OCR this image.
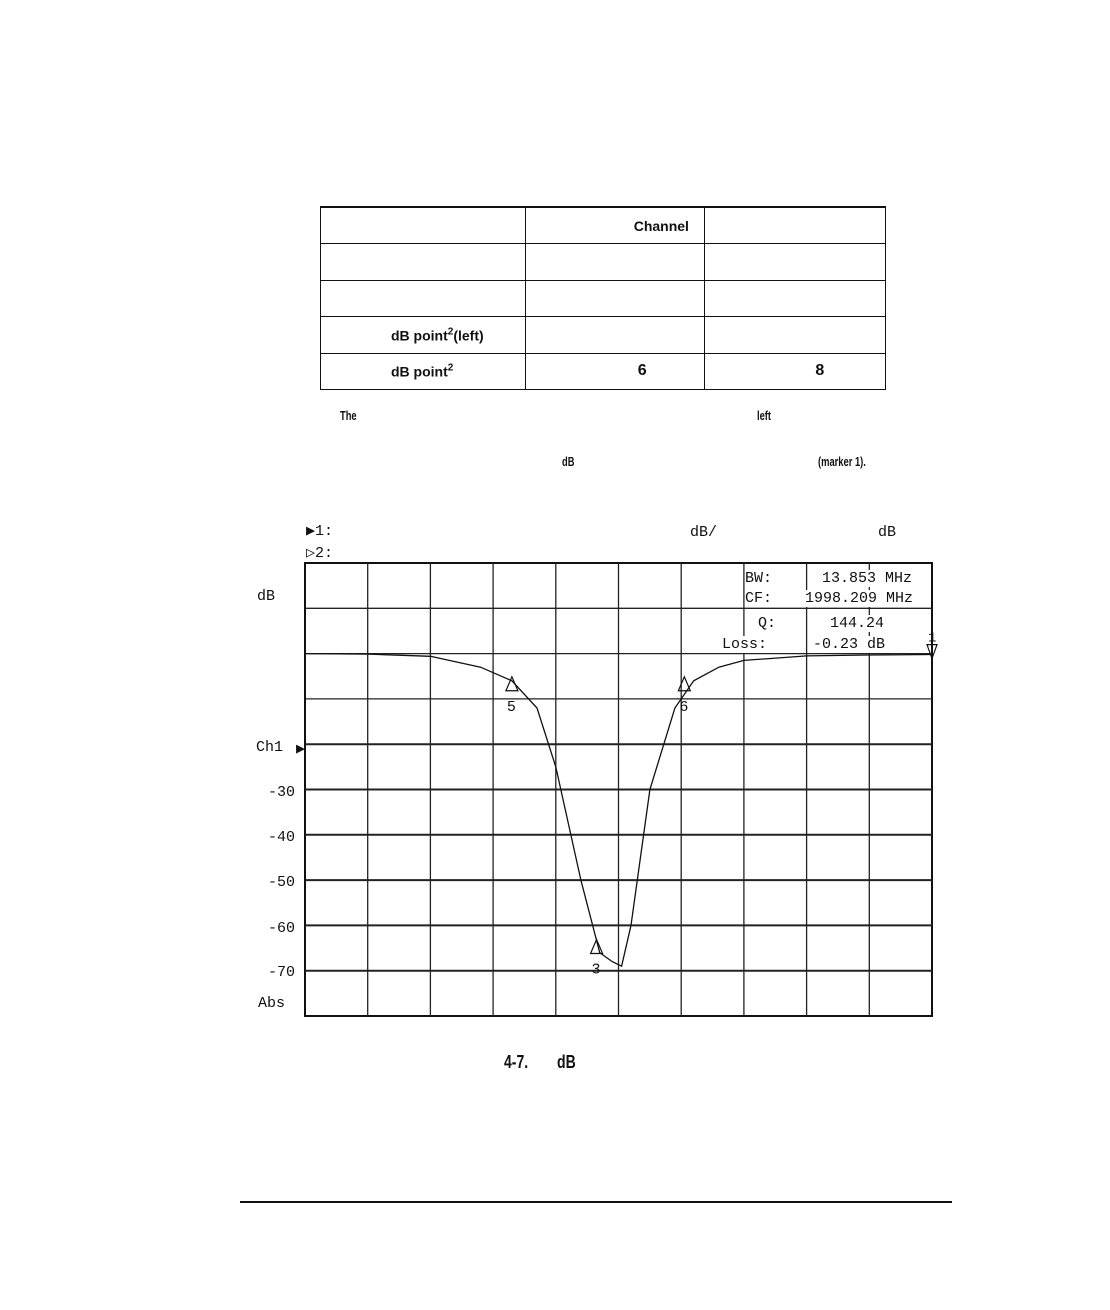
	Channel	

dB point$^2$(left)		

dB point$^2$	6	8
The	left
dB	(marker 1).
▶1:
▷2:
dB/	dB
dB
Ch1 ▶
Abs
-30
-40
-50
-60
-70
5	6
3
1
BW:	13.853 MHz
CF: 1998.209 MHz
Q:	144.24
Loss:	-0.23 dB
4-7. dB
